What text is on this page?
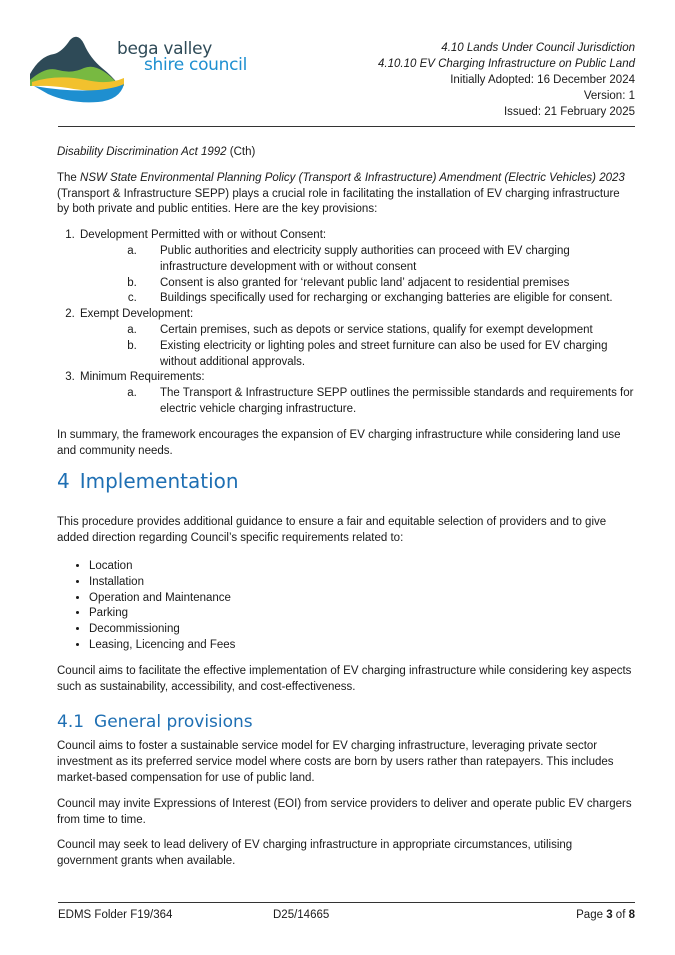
bega valley
shire council
4.10 Lands Under Council Jurisdiction
4.10.10 EV Charging Infrastructure on Public Land
Initially Adopted: 16 December 2024
Version: 1
Issued: 21 February 2025

Disability Discrimination Act 1992 (Cth)

The NSW State Environmental Planning Policy (Transport & Infrastructure) Amendment (Electric Vehicles) 2023 (Transport & Infrastructure SEPP) plays a crucial role in facilitating the installation of EV charging infrastructure by both private and public entities. Here are the key provisions:

1. Development Permitted with or without Consent:
a. Public authorities and electricity supply authorities can proceed with EV charging infrastructure development with or without consent
b. Consent is also granted for ‘relevant public land’ adjacent to residential premises
c. Buildings specifically used for recharging or exchanging batteries are eligible for consent.
2. Exempt Development:
a. Certain premises, such as depots or service stations, qualify for exempt development
b. Existing electricity or lighting poles and street furniture can also be used for EV charging without additional approvals.
3. Minimum Requirements:
a. The Transport & Infrastructure SEPP outlines the permissible standards and requirements for electric vehicle charging infrastructure.

In summary, the framework encourages the expansion of EV charging infrastructure while considering land use and community needs.

4 Implementation

This procedure provides additional guidance to ensure a fair and equitable selection of providers and to give added direction regarding Council’s specific requirements related to:

• Location
• Installation
• Operation and Maintenance
• Parking
• Decommissioning
• Leasing, Licencing and Fees

Council aims to facilitate the effective implementation of EV charging infrastructure while considering key aspects such as sustainability, accessibility, and cost-effectiveness.

4.1 General provisions

Council aims to foster a sustainable service model for EV charging infrastructure, leveraging private sector investment as its preferred service model where costs are born by users rather than ratepayers. This includes market-based compensation for use of public land.

Council may invite Expressions of Interest (EOI) from service providers to deliver and operate public EV chargers from time to time.

Council may seek to lead delivery of EV charging infrastructure in appropriate circumstances, utilising government grants when available.

EDMS Folder F19/364	D25/14665	Page 3 of 8
